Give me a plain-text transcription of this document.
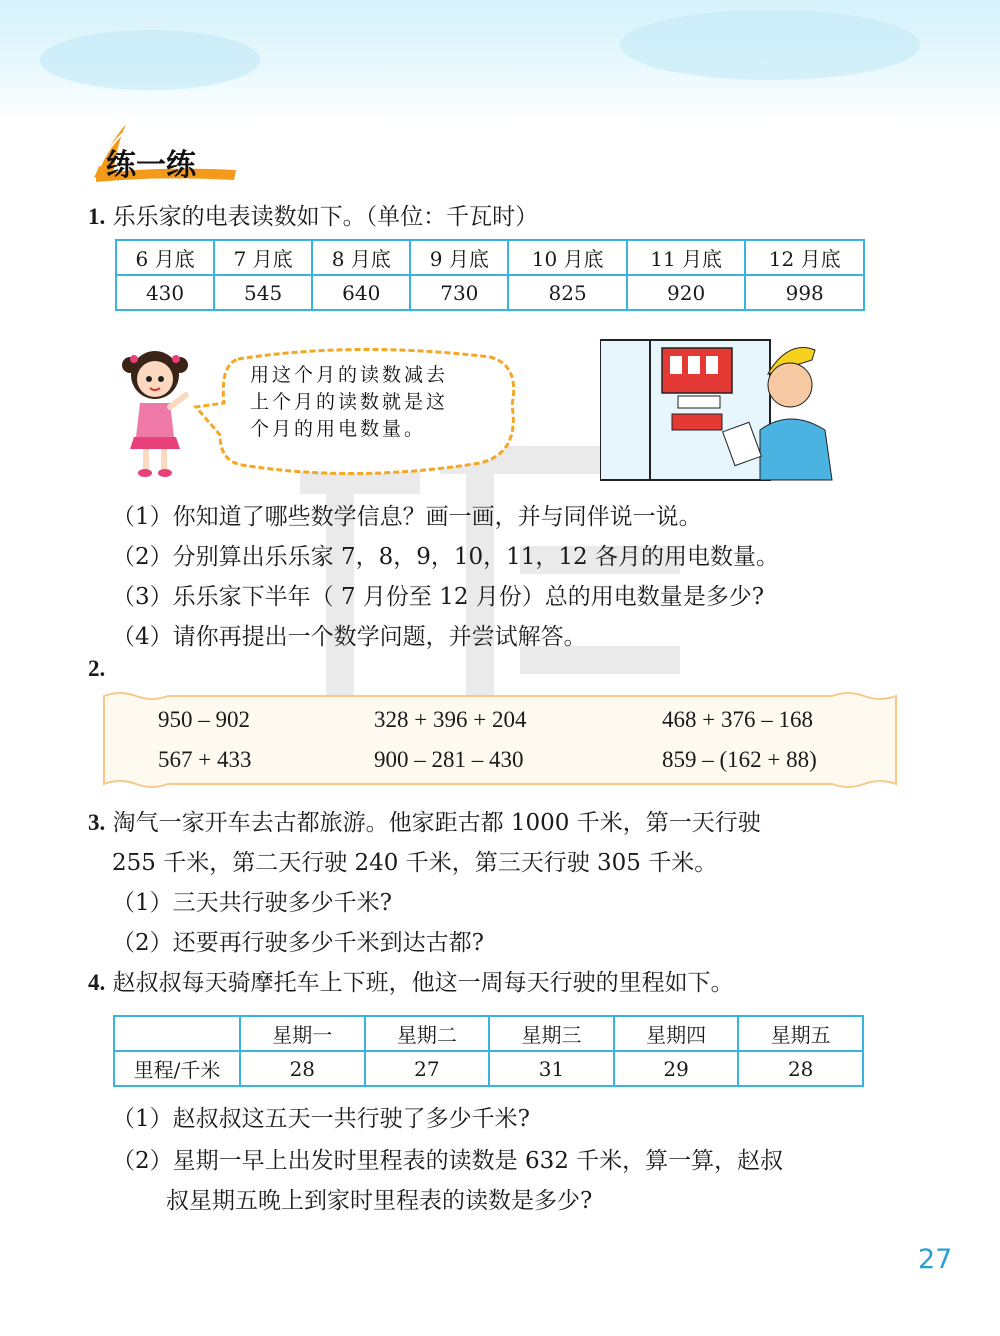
练一练
1. 乐乐家的电表读数如下。（单位：千瓦时）
6 月底	7 月底	8 月底	9 月底	10 月底	11 月底	12 月底
430	545	640	730	825	920	998
用这个月的读数减去
上个月的读数就是这
个月的用电数量。
（1）你知道了哪些数学信息？画一画，并与同伴说一说。
（2）分别算出乐乐家 7，8，9，10，11，12 各月的用电数量。
（3）乐乐家下半年（ 7 月份至 12 月份）总的用电数量是多少?
（4）请你再提出一个数学问题，并尝试解答。
2.
950 – 902	328 + 396 + 204	468 + 376 – 168
567 + 433	900 – 281 – 430	859 – (162 + 88)
3. 淘气一家开车去古都旅游。他家距古都 1000 千米，第一天行驶
255 千米，第二天行驶 240 千米，第三天行驶 305 千米。
（1）三天共行驶多少千米?
（2）还要再行驶多少千米到达古都?
4. 赵叔叔每天骑摩托车上下班，他这一周每天行驶的里程如下。
	星期一	星期二	星期三	星期四	星期五
里程/千米	28	27	31	29	28
（1）赵叔叔这五天一共行驶了多少千米?
（2）星期一早上出发时里程表的读数是 632 千米，算一算，赵叔
叔星期五晚上到家时里程表的读数是多少?
27
